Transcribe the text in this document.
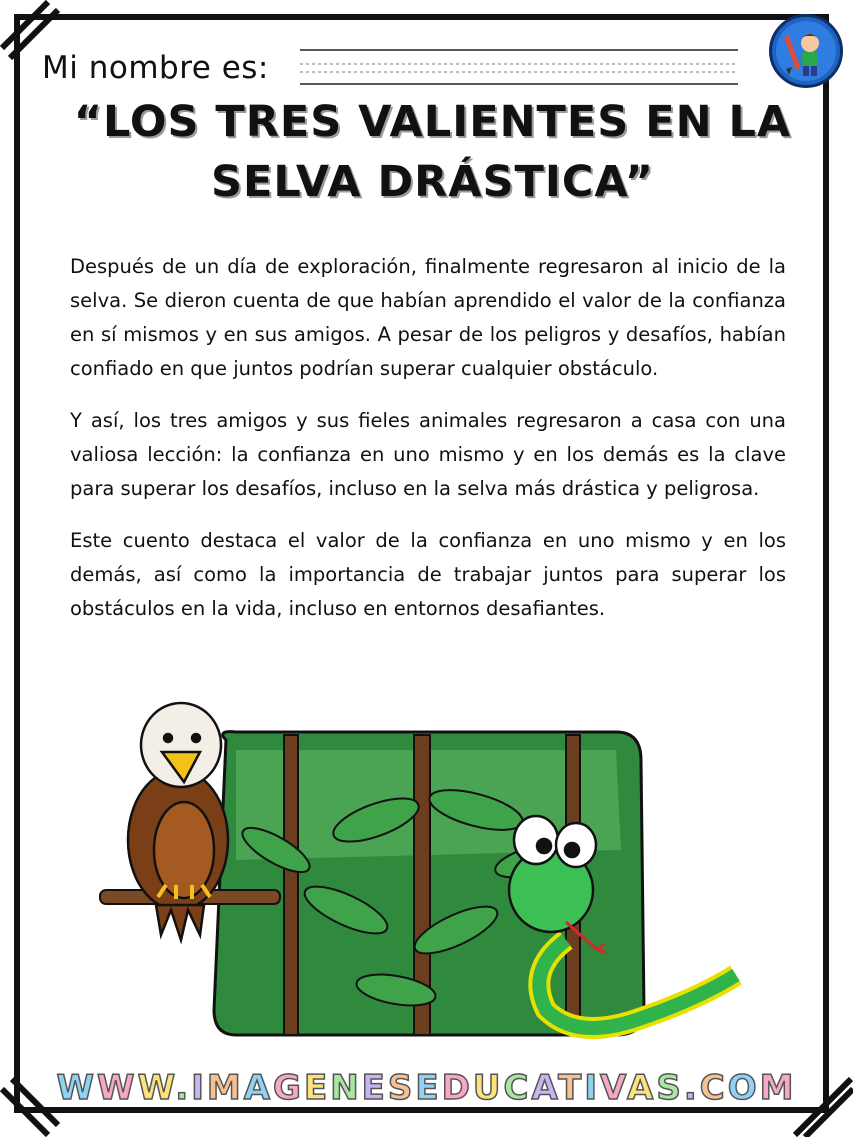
Mi nombre es:
“LOS TRES VALIENTES EN LA
SELVA DRÁSTICA”

Después de un día de exploración, finalmente regresaron al inicio de la selva. Se dieron cuenta de que habían aprendido el valor de la confianza en sí mismos y en sus amigos. A pesar de los peligros y desafíos, habían confiado en que juntos podrían superar cualquier obstáculo.

Y así, los tres amigos y sus fieles animales regresaron a casa con una valiosa lección: la confianza en uno mismo y en los demás es la clave para superar los desafíos, incluso en la selva más drástica y peligrosa.

Este cuento destaca el valor de la confianza en uno mismo y en los demás, así como la importancia de trabajar juntos para superar los obstáculos en la vida, incluso en entornos desafiantes.

WWW.IMAGENESEDUCATIVAS.COM
